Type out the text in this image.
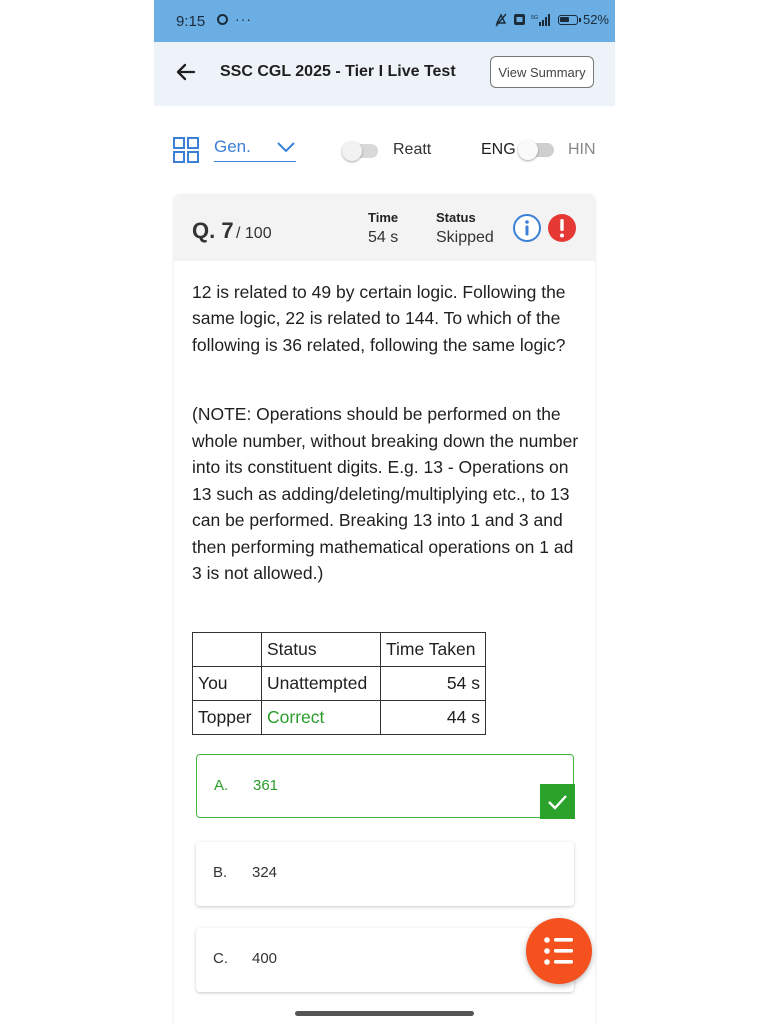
9:15 ···	5G	52%
SSC CGL 2025 - Tier I Live Test	View Summary
Gen.	Reatt	ENG	HIN
Q. 7 / 100
Time
54 s
Status
Skipped
12 is related to 49 by certain logic. Following the same logic, 22 is related to 144. To which of the following is 36 related, following the same logic?
(NOTE: Operations should be performed on the whole number, without breaking down the number into its constituent digits. E.g. 13 - Operations on 13 such as adding/deleting/multiplying etc., to 13 can be performed. Breaking 13 into 1 and 3 and then performing mathematical operations on 1 ad 3 is not allowed.)
	Status	Time Taken
You	Unattempted	54 s
Topper	Correct	44 s
A. 361
B. 324
C. 400
